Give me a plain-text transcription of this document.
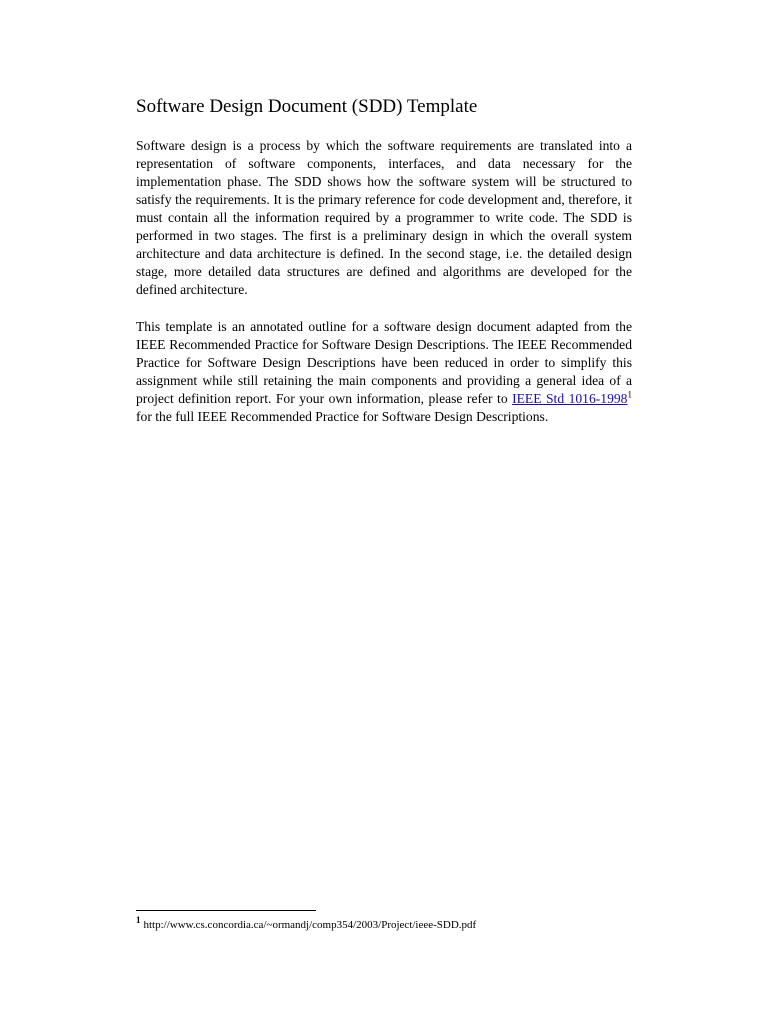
Software Design Document (SDD) Template

Software design is a process by which the software requirements are translated into a representation of software components, interfaces, and data necessary for the implementation phase. The SDD shows how the software system will be structured to satisfy the requirements. It is the primary reference for code development and, therefore, it must contain all the information required by a programmer to write code. The SDD is performed in two stages. The first is a preliminary design in which the overall system architecture and data architecture is defined. In the second stage, i.e. the detailed design stage, more detailed data structures are defined and algorithms are developed for the defined architecture.

This template is an annotated outline for a software design document adapted from the IEEE Recommended Practice for Software Design Descriptions. The IEEE Recommended Practice for Software Design Descriptions have been reduced in order to simplify this assignment while still retaining the main components and providing a general idea of a project definition report. For your own information, please refer to IEEE Std 1016-1998$^1$ for the full IEEE Recommended Practice for Software Design Descriptions.

$^1$ http://www.cs.concordia.ca/~ormandj/comp354/2003/Project/ieee-SDD.pdf
